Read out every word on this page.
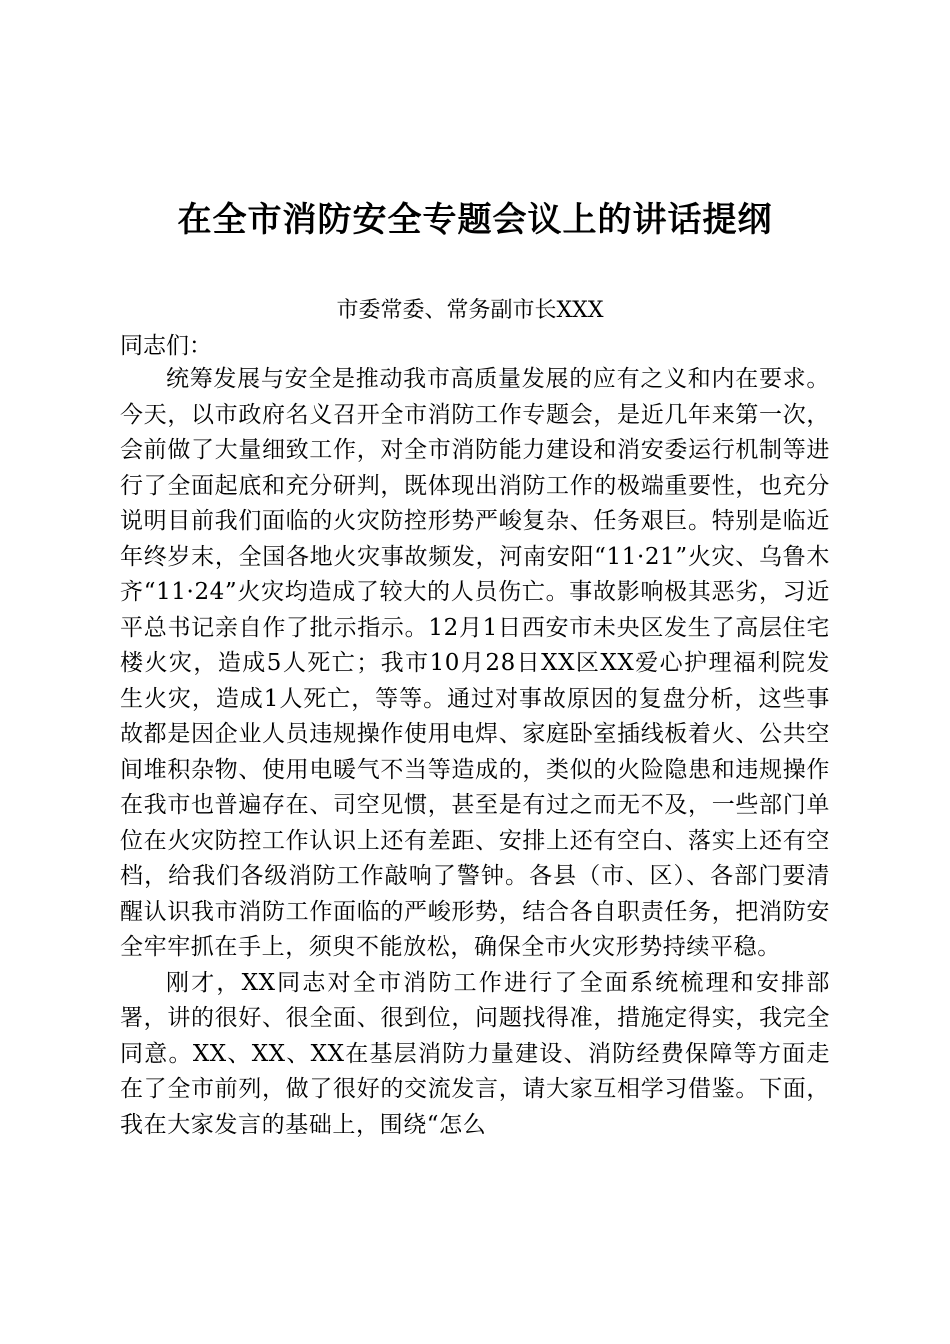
在全市消防安全专题会议上的讲话提纲
市委常委、常务副市长XXX
同志们：

统筹发展与安全是推动我市高质量发展的应有之义和内在要求。今天，以市政府名义召开全市消防工作专题会，是近几年来第一次，会前做了大量细致工作，对全市消防能力建设和消安委运行机制等进行了全面起底和充分研判，既体现出消防工作的极端重要性，也充分说明目前我们面临的火灾防控形势严峻复杂、任务艰巨。特别是临近年终岁末，全国各地火灾事故频发，河南安阳“11·21”火灾、乌鲁木齐“11·24”火灾均造成了较大的人员伤亡。事故影响极其恶劣，习近平总书记亲自作了批示指示。12月1日西安市未央区发生了高层住宅楼火灾，造成5人死亡；我市10月28日XX区XX爱心护理福利院发生火灾，造成1人死亡，等等。通过对事故原因的复盘分析，这些事故都是因企业人员违规操作使用电焊、家庭卧室插线板着火、公共空间堆积杂物、使用电暖气不当等造成的，类似的火险隐患和违规操作在我市也普遍存在、司空见惯，甚至是有过之而无不及，一些部门单位在火灾防控工作认识上还有差距、安排上还有空白、落实上还有空档，给我们各级消防工作敲响了警钟。各县（市、区）、各部门要清醒认识我市消防工作面临的严峻形势，结合各自职责任务，把消防安全牢牢抓在手上，须臾不能放松，确保全市火灾形势持续平稳。

刚才，XX同志对全市消防工作进行了全面系统梳理和安排部署，讲的很好、很全面、很到位，问题找得准，措施定得实，我完全同意。XX、XX、XX在基层消防力量建设、消防经费保障等方面走在了全市前列，做了很好的交流发言，请大家互相学习借鉴。下面，我在大家发言的基础上，围绕“怎么
